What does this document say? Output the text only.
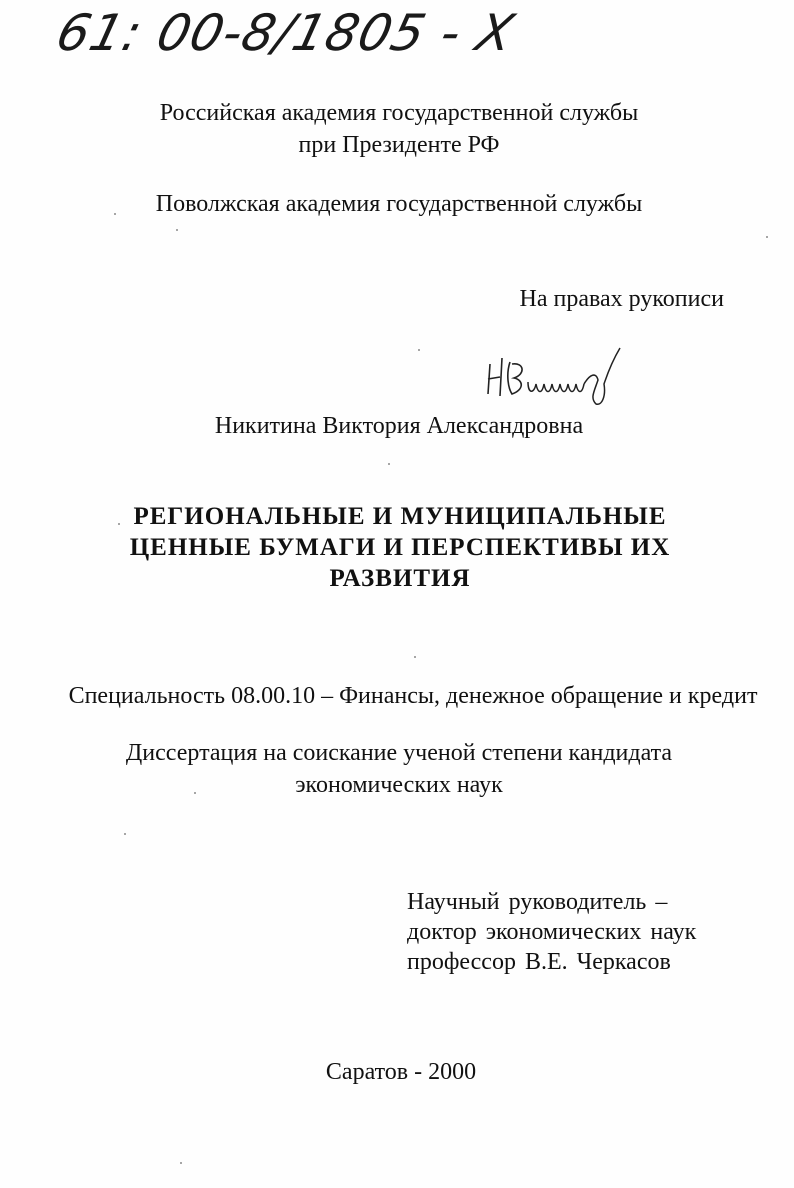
61: 00-8/1805 - X
Российская академия государственной службы
при Президенте РФ
Поволжская академия государственной службы
На правах рукописи
Никитина Виктория Александровна
РЕГИОНАЛЬНЫЕ И МУНИЦИПАЛЬНЫЕ
ЦЕННЫЕ БУМАГИ И ПЕРСПЕКТИВЫ ИХ
РАЗВИТИЯ
Специальность 08.00.10 – Финансы, денежное обращение и кредит
Диссертация на соискание ученой степени кандидата
экономических наук
Научный руководитель –
доктор экономических наук
профессор В.Е. Черкасов
Саратов - 2000
